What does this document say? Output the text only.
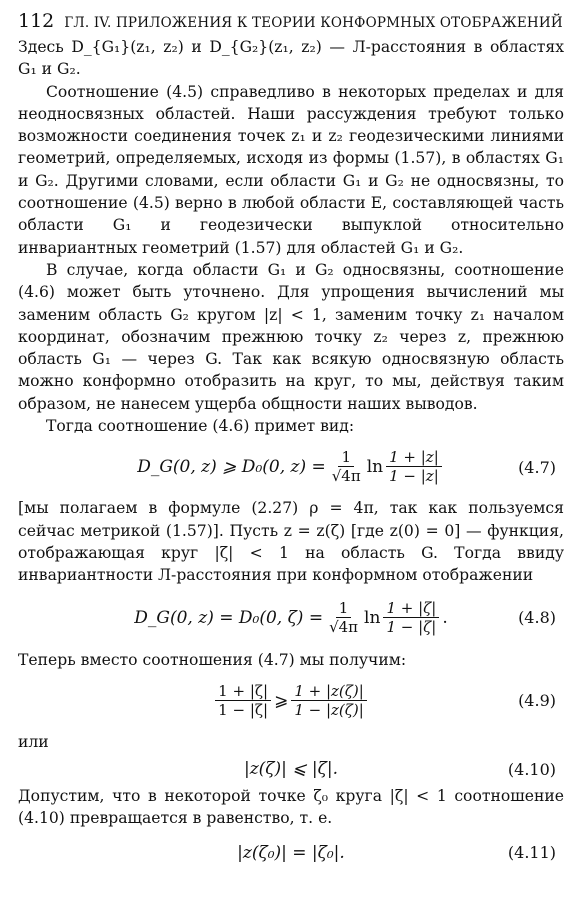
112 ГЛ. IV. ПРИЛОЖЕНИЯ К ТЕОРИИ КОНФОРМНЫХ ОТОБРАЖЕНИЙ

Здесь D_{G₁}(z₁, z₂) и D_{G₂}(z₁, z₂) — Л-расстояния в областях G₁ и G₂.

Соотношение (4.5) справедливо в некоторых пределах и для неодносвязных областей. Наши рассуждения требуют только возможности соединения точек z₁ и z₂ геодезическими линиями геометрий, определяемых, исходя из формы (1.57), в областях G₁ и G₂. Другими словами, если области G₁ и G₂ не односвязны, то соотношение (4.5) верно в любой области E, составляющей часть области G₁ и геодезически выпуклой относительно инвариантных геометрий (1.57) для областей G₁ и G₂.

В случае, когда области G₁ и G₂ односвязны, соотношение (4.6) может быть уточнено. Для упрощения вычислений мы заменим область G₂ кругом |z| < 1, заменим точку z₁ началом координат, обозначим прежнюю точку z₂ через z, прежнюю область G₁ — через G. Так как всякую односвязную область можно конформно отобразить на круг, то мы, действуя таким образом, не нанесем ущерба общности наших выводов.

Тогда соотношение (4.6) примет вид:

D_G(0, z) ⩾ D₀(0, $z) = \frac{1}{√4\pi}$ $\ln \frac{1 + |z|}{1 - |z|}$	(4.7)

[мы полагаем в формуле (2.27) ρ = 4π, так как пользуемся сейчас метрикой (1.57)]. Пусть z = z(ζ) [где z(0) = 0] — функция, отображающая круг |ζ| < 1 на область G. Тогда ввиду инвариантности Л-расстояния при конформном отображении

D_G(0, z) = D₀(0, $\zeta) = \frac{1}{√4\pi}$ $\ln \frac{1 + |\zeta|}{1 - |\zeta|}$ .	(4.8)

Теперь вместо соотношения (4.7) мы получим:

$\frac{1 + |\zeta|}{1 - |\zeta|}$ ⩾ $\frac{1 + |z(\zeta)|}{1 - |z(\zeta)|}$	(4.9)

или

|z(ζ)| ⩽ |ζ|.	(4.10)

Допустим, что в некоторой точке ζ₀ круга |ζ| < 1 соотношение (4.10) превращается в равенство, т. е.

|z(ζ₀)| = |ζ₀|.	(4.11)
